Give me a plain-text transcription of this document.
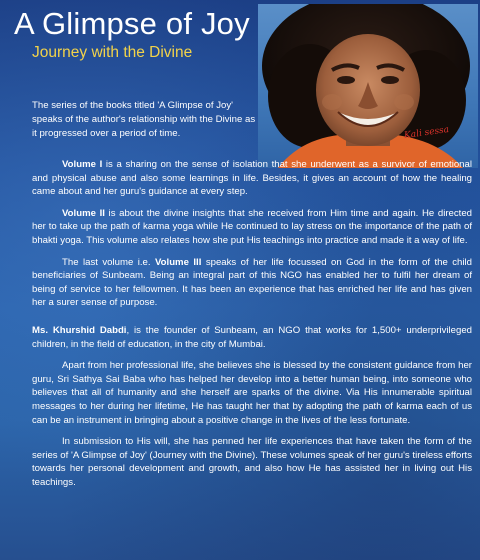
A Glimpse of Joy
Journey with the Divine
Kali sessa

The series of the books titled 'A Glimpse of Joy' speaks of the author's relationship with the Divine as it progressed over a period of time.

Volume I is a sharing on the sense of isolation that she underwent as a survivor of emotional and physical abuse and also some learnings in life. Besides, it gives an account of how the healing came about and her guru's guidance at every step.

Volume II is about the divine insights that she received from Him time and again. He directed her to take up the path of karma yoga while He continued to lay stress on the importance of the path of bhakti yoga. This volume also relates how she put His teachings into practice and made it a way of life.

The last volume i.e. Volume III speaks of her life focussed on God in the form of the child beneficiaries of Sunbeam. Being an integral part of this NGO has enabled her to fulfil her dream of being of service to her fellowmen. It has been an experience that has enriched her life and has given her a surer sense of purpose.

Ms. Khurshid Dabdi, is the founder of Sunbeam, an NGO that works for 1,500+ underprivileged children, in the field of education, in the city of Mumbai.

Apart from her professional life, she believes she is blessed by the consistent guidance from her guru, Sri Sathya Sai Baba who has helped her develop into a better human being, into someone who believes that all of humanity and she herself are sparks of the divine. Via His innumerable spiritual messages to her during her lifetime, He has taught her that by adopting the path of karma each of us can be an instrument in bringing about a positive change in the lives of the less fortunate.

In submission to His will, she has penned her life experiences that have taken the form of the series of 'A Glimpse of Joy' (Journey with the Divine). These volumes speak of her guru's tireless efforts towards her personal development and growth, and also how He has assisted her in living out His teachings.
